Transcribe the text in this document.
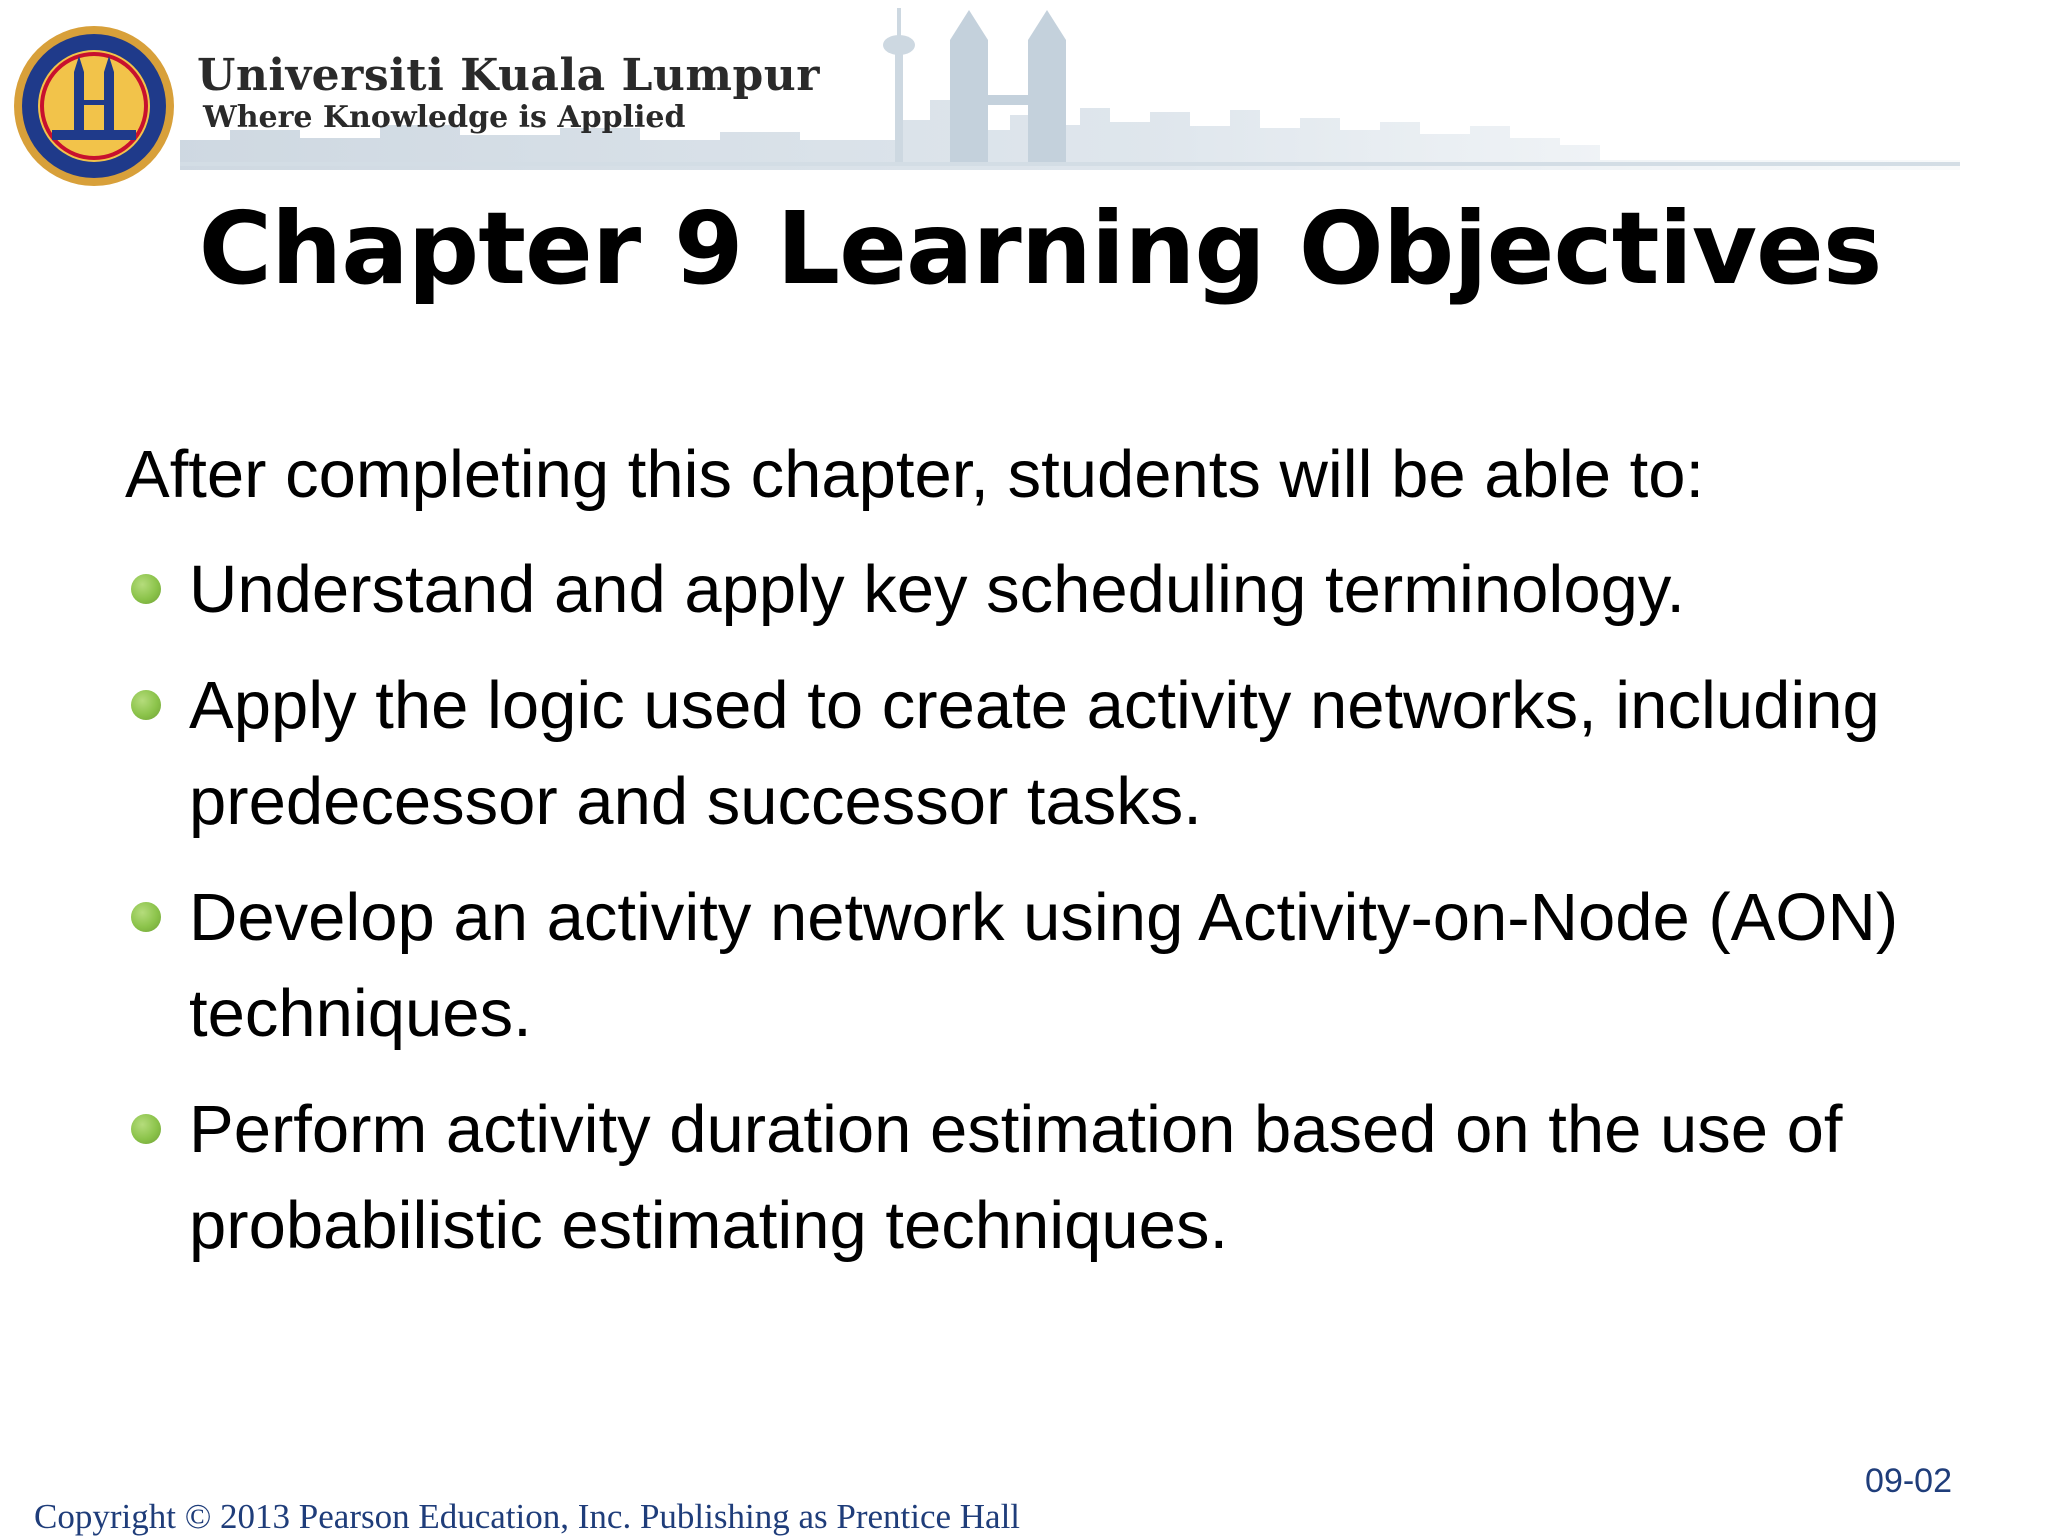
Universiti Kuala Lumpur
Where Knowledge is Applied
Chapter 9 Learning Objectives
After completing this chapter, students will be able to:
Understand and apply key scheduling terminology.
Apply the logic used to create activity networks, including predecessor and successor tasks.
Develop an activity network using Activity-on-Node (AON) techniques.
Perform activity duration estimation based on the use of probabilistic estimating techniques.
09-02
Copyright © 2013 Pearson Education, Inc. Publishing as Prentice Hall
